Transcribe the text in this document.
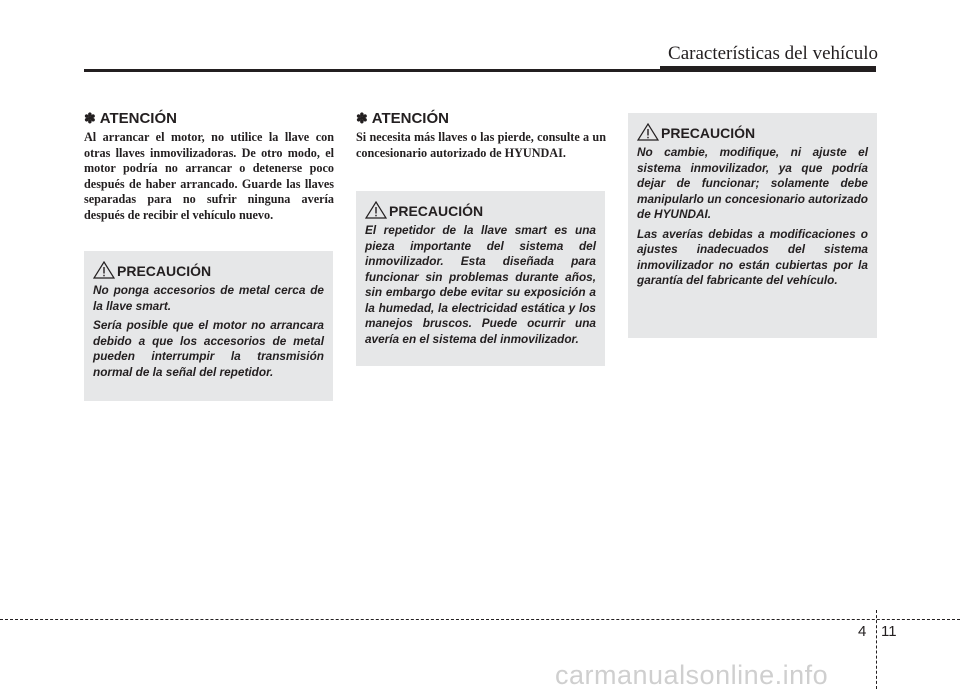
Características del vehículo
✽ ATENCIÓN

Al arrancar el motor, no utilice la llave con otras llaves inmovilizadoras. De otro modo, el motor podría no arrancar o detenerse poco después de haber arrancado. Guarde las llaves separadas para no sufrir ninguna avería después de recibir el vehículo nuevo.

PRECAUCIÓN

No ponga accesorios de metal cerca de la llave smart.

Sería posible que el motor no arrancara debido a que los accesorios de metal pueden interrumpir la transmisión normal de la señal del repetidor.

✽ ATENCIÓN

Si necesita más llaves o las pierde, consulte a un concesionario autorizado de HYUNDAI.

PRECAUCIÓN

El repetidor de la llave smart es una pieza importante del sistema del inmovilizador. Esta diseñada para funcionar sin problemas durante años, sin embargo debe evitar su exposición a la humedad, la electricidad estática y los manejos bruscos. Puede ocurrir una avería en el sistema del inmovilizador.

PRECAUCIÓN

No cambie, modifique, ni ajuste el sistema inmovilizador, ya que podría dejar de funcionar; solamente debe manipularlo un concesionario autorizado de HYUNDAI.

Las averías debidas a modificaciones o ajustes inadecuados del sistema inmovilizador no están cubiertas por la garantía del fabricante del vehículo.

4 11
carmanualsonline.info
